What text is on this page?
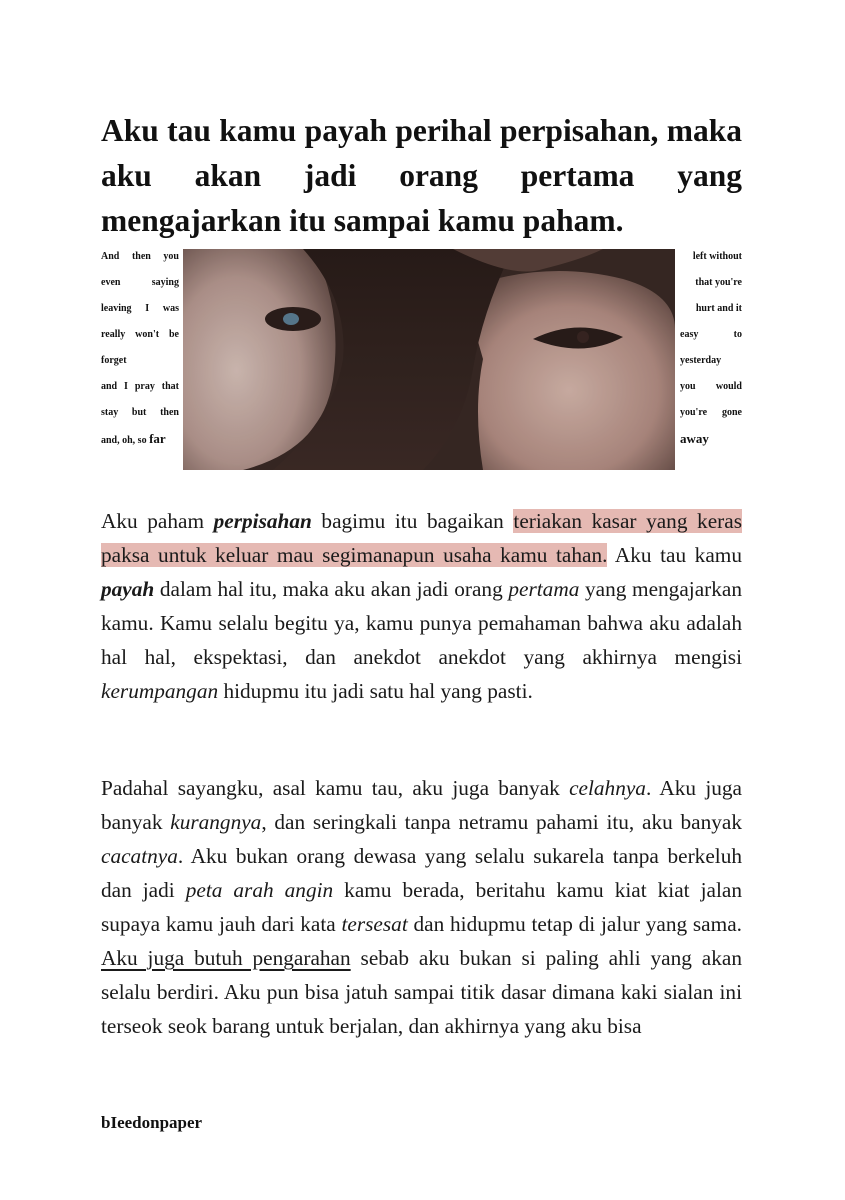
Aku tau kamu payah perihal perpisahan, maka aku akan jadi orang pertama yang mengajarkan itu sampai kamu paham.
And then you
even saying
leaving I was
really won't be
forget
and I pray that
stay but then
and, oh, so far
left without
that you're
hurt and it
easy to
yesterday
you would
you're gone
away

Aku paham perpisahan bagimu itu bagaikan teriakan kasar yang keras paksa untuk keluar mau segimanapun usaha kamu tahan. Aku tau kamu payah dalam hal itu, maka aku akan jadi orang pertama yang mengajarkan kamu. Kamu selalu begitu ya, kamu punya pemahaman bahwa aku adalah hal hal, ekspektasi, dan anekdot anekdot yang akhirnya mengisi kerumpangan hidupmu itu jadi satu hal yang pasti.

Padahal sayangku, asal kamu tau, aku juga banyak celahnya. Aku juga banyak kurangnya, dan seringkali tanpa netramu pahami itu, aku banyak cacatnya. Aku bukan orang dewasa yang selalu sukarela tanpa berkeluh dan jadi peta arah angin kamu berada, beritahu kamu kiat kiat jalan supaya kamu jauh dari kata tersesat dan hidupmu tetap di jalur yang sama. Aku juga butuh pengarahan sebab aku bukan si paling ahli yang akan selalu berdiri. Aku pun bisa jatuh sampai titik dasar dimana kaki sialan ini terseok seok barang untuk berjalan, dan akhirnya yang aku bisa

bIeedonpaper
